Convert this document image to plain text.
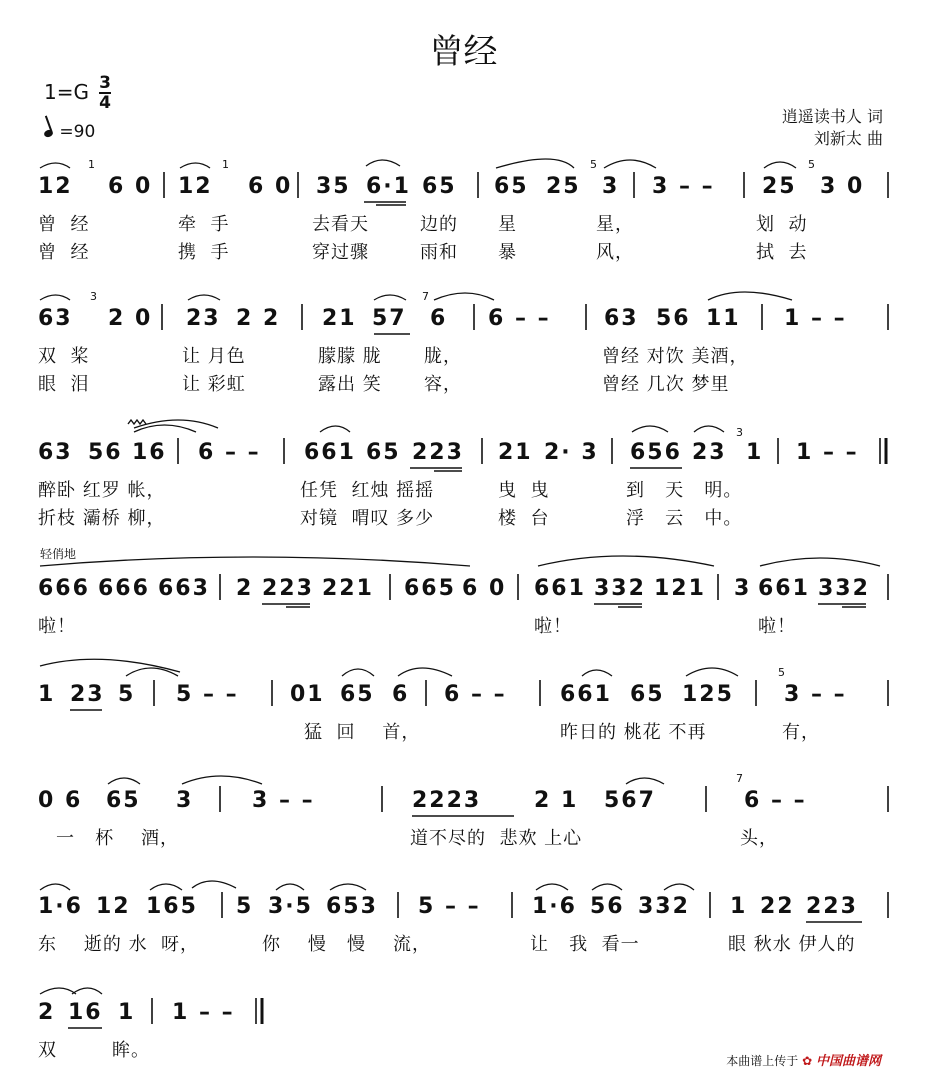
曾经
1=G 3
4
=90
逍遥读书人 词
刘新太 曲
轻俏地
12 6 0 12 6 0 35 6·1 65 65 25 3 3 – – 25 3 0
曾  经	牵  手	去看天	边的 星	星，	划  动
曾  经	携  手	穿过骤	雨和 暴	风，	拭  去
63 2 0 23 2 2 21 57 6 6 – – 63 56 11 1 – –
双  桨	让 月色	朦朦 胧 胧，	曾经 对饮 美酒，
眼  泪	让 彩虹	露出 笑 容，	曾经 几次 梦里
63 56 16 6 – – 661 65 223 21 2· 3 656 23 1 1 – –
醉卧 红罗 帐，	任凭  红烛 摇摇	曳  曳	到   天   明。
折枝 灞桥 柳，	对镜  喟叹 多少	楼  台	浮   云   中。
666 666 663 2 223 221 665 6 0 661 332 121 3 661 332
啦！	啦！	啦！
1 23 5 5 – – 01 65 6 6 – – 661 65 125 3 – –
猛  回    首，	昨日的 桃花 不再	有，
0 6 65 3	3 – –	2223 2 1 567	6 – –
一   杯    酒，	道不尽的  悲欢 上心	头，
1·6 12 165 5 3·5 653 5 – – 1·6 56 332 1 22 223
东    逝的 水  呀，	你    慢   慢    流，	让   我  看一	眼 秋水 伊人的
2 16 1 1 – –
双	眸。
1	1	5	5
3	7
3
5
7
本曲谱上传于 ✿ 中国曲谱网
